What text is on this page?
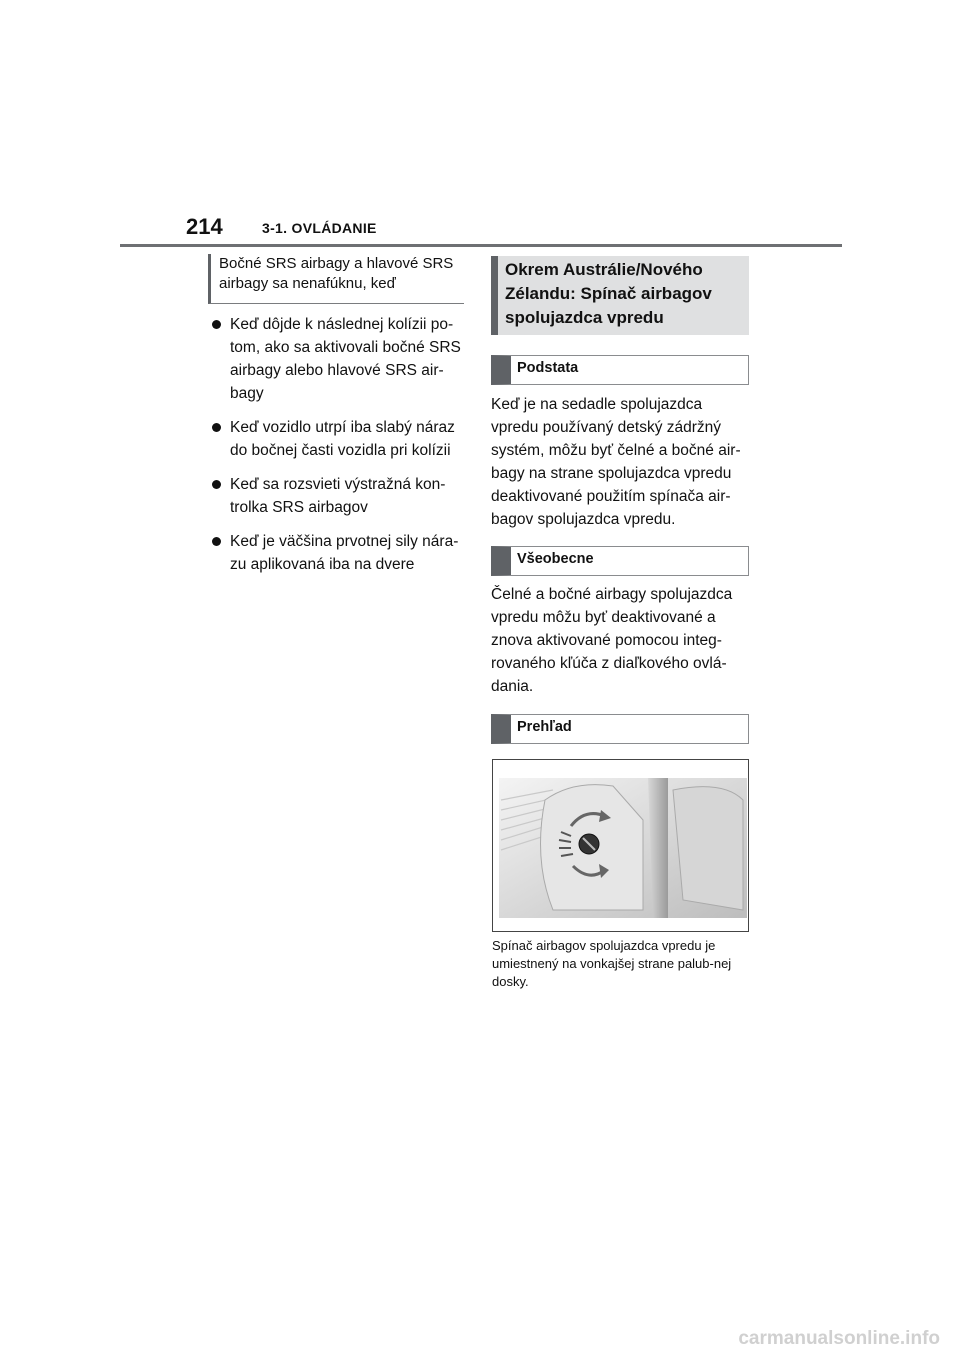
214	3-1. OVLÁDANIE
Bočné SRS airbagy a hlavové SRS airbagy sa nenafúknu, keď
Keď dôjde k následnej kolízii po-tom, ako sa aktivovali bočné SRS airbagy alebo hlavové SRS air-bagy
Keď vozidlo utrpí iba slabý náraz do bočnej časti vozidla pri kolízii
Keď sa rozsvieti výstražná kon-trolka SRS airbagov
Keď je väčšina prvotnej sily nára-zu aplikovaná iba na dvere
Okrem Austrálie/Nového Zélandu: Spínač airbagov spolujazdca vpredu
Podstata

Keď je na sedadle spolujazdca vpredu používaný detský zádržný systém, môžu byť čelné a bočné air-bagy na strane spolujazdca vpredu deaktivované použitím spínača air-bagov spolujazdca vpredu.

Všeobecne

Čelné a bočné airbagy spolujazdca vpredu môžu byť deaktivované a znova aktivované pomocou integ-rovaného kľúča z diaľkového ovlá-dania.

Prehľad

Spínač airbagov spolujazdca vpredu je umiestnený na vonkajšej strane palub-nej dosky.

carmanualsonline.info
